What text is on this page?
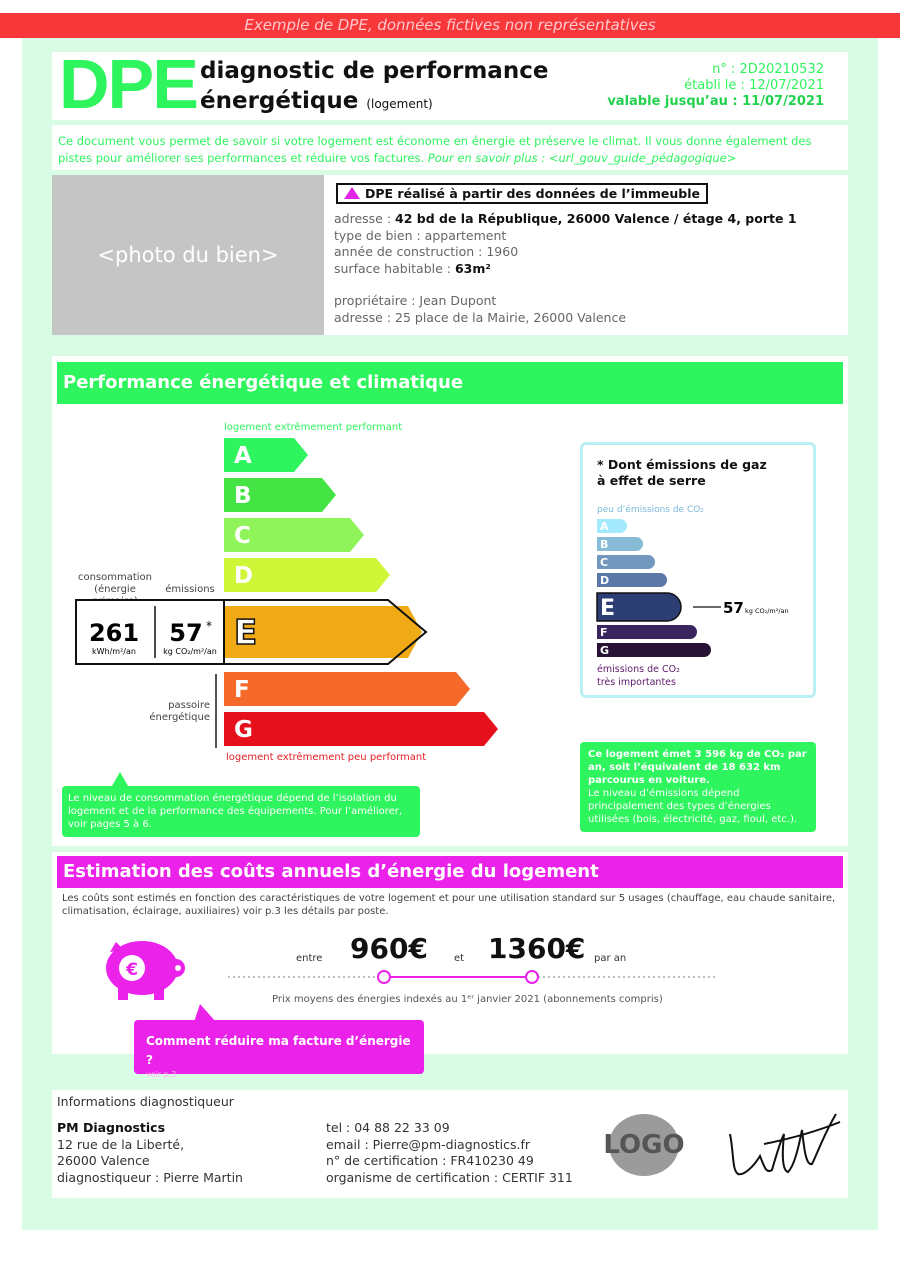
Exemple de DPE, données fictives non représentatives
DPE diagnostic de performance
énergétique (logement)
n° : 2D20210532
établi le : 12/07/2021
valable jusqu’au : 11/07/2021
Ce document vous permet de savoir si votre logement est économe en énergie et préserve le climat. Il vous donne également des pistes pour améliorer ses performances et réduire vos factures. Pour en savoir plus : <url_gouv_guide_pédagogique>
<photo du bien>
DPE réalisé à partir des données de l’immeuble
adresse : 42 bd de la République, 26000 Valence / étage 4, porte 1
type de bien : appartement
année de construction : 1960
surface habitable : 63m²
propriétaire : Jean Dupont
adresse : 25 place de la Mairie, 26000 Valence
Performance énergétique et climatique
logement extrêmement performant
logement extrêmement peu performant
consommation
(énergie	émissions
passoire
énergétique
A
B
C
D
E
F
G
261
kWh/m²/an
57 *
kg CO₂/m²/an
Le niveau de consommation énergétique dépend de l’isolation du logement et de la performance des équipements. Pour l’améliorer, voir pages 5 à 6.
* Dont émissions de gaz
à effet de serre
peu d’émissions de CO₂
A
B
C
D
E
F
G
57 kg CO₂/m²/an
émissions de CO₂
très importantes
Ce logement émet 3 596 kg de CO₂ par an, soit l’équivalent de 18 632 km parcourus en voiture.
Le niveau d’émissions dépend principalement des types d’énergies utilisées (bois, électricité, gaz, fioul, etc.).
Estimation des coûts annuels d’énergie du logement
Les coûts sont estimés en fonction des caractéristiques de votre logement et pour une utilisation standard sur 5 usages (chauffage, eau chaude sanitaire, climatisation, éclairage, auxiliaires) voir p.3 les détails par poste.
€
entre 960€	et 1360€ par an
Prix moyens des énergies indexés au 1ᵉʳ janvier 2021 (abonnements compris)
Comment réduire ma facture d’énergie ?
voir p.3
Informations diagnostiqueur
PM Diagnostics
12 rue de la Liberté,
26000 Valence
diagnostiqueur : Pierre Martin
tel : 04 88 22 33 09
email : Pierre@pm-diagnostics.fr
n° de certification : FR410230 49
organisme de certification : CERTIF 311
LOGO
